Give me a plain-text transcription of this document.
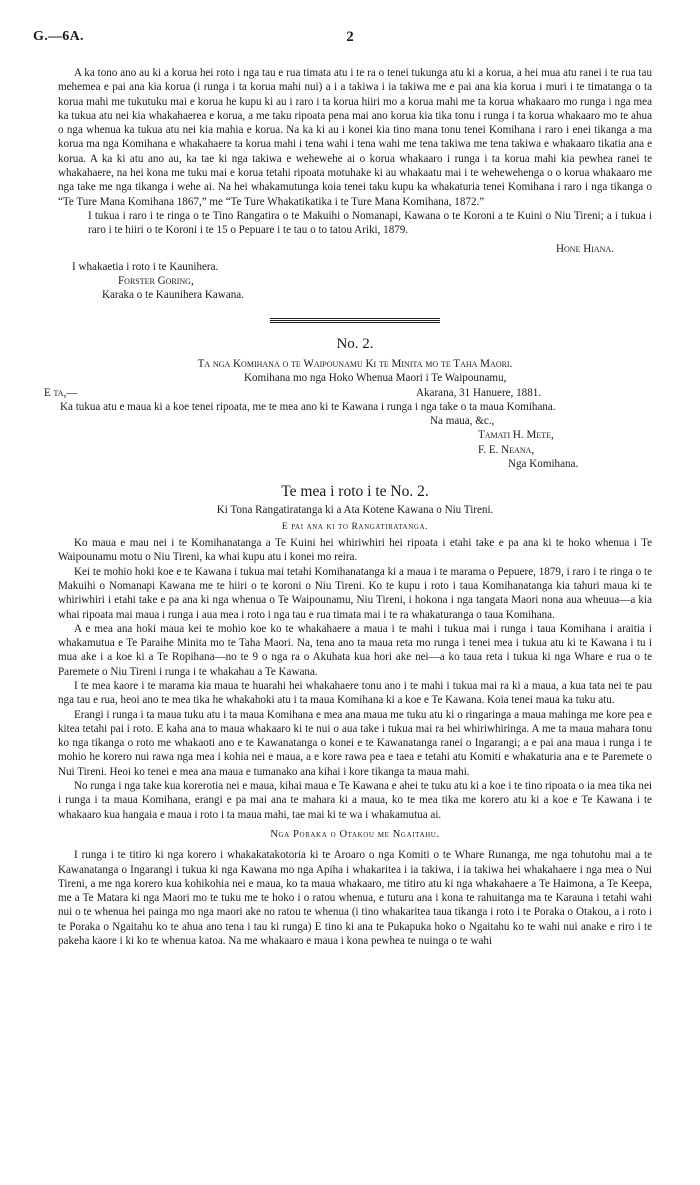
G.—6A.	2

A ka tono ano au ki a korua hei roto i nga tau e rua timata atu i te ra o tenei tukunga atu ki a korua, a hei mua atu ranei i te rua tau mehemea e pai ana kia korua (i runga i ta korua mahi nui) a i a takiwa i ia takiwa me e pai ana kia korua i muri i te timatanga o ta korua mahi me tukutuku mai e korua he kupu ki au i raro i ta korua hiiri mo a korua mahi me ta korua whakaaro mo runga i nga mea ka tukua atu nei kia whakahaerea e korua, a me taku ripoata pena mai ano korua kia tika tonu i runga i ta korua whakaaro mo te ahua o nga whenua ka tukua atu nei kia mahia e korua. Na ka ki au i konei kia tino mana tonu tenei Komihana i raro i enei tikanga a ma korua ma nga Komihana e whakahaere ta korua mahi i tena wahi i tena wahi me tena takiwa me tena takiwa e whakaaro tikatia ana e korua. A ka ki atu ano au, ka tae ki nga takiwa e wehewehe ai o korua whakaaro i runga i ta korua mahi kia pewhea ranei te whakahaere, na hei kona me tuku mai e korua tetahi ripoata motuhake ki au whakaatu mai i te wehewehenga o o korua whakaaro me nga take me nga tikanga i wehe ai. Na hei whakamutunga koia tenei taku kupu ka whakaturia tenei Komihana i raro i nga tikanga o “Te Ture Mana Komihana 1867,” me “Te Ture Whakatikatika i te Ture Mana Komihana, 1872.”

I tukua i raro i te ringa o te Tino Rangatira o te Makuihi o Nomanapi, Kawana o te Koroni a te Kuini o Niu Tireni; a i tukua i raro i te hiiri o te Koroni i te 15 o Pepuare i te tau o to tatou Ariki, 1879.

Hone Hiana.

I whakaetia i roto i te Kaunihera.

Forster Goring,

Karaka o te Kaunihera Kawana.

No. 2.

Ta nga Komihana o te Waipounamu Ki te Minita mo te Taha Maori.

Komihana mo nga Hoko Whenua Maori i Te Waipounamu,

E ta,—	Akarana, 31 Hanuere, 1881.

Ka tukua atu e maua ki a koe tenei ripoata, me te mea ano ki te Kawana i runga i nga take o ta maua Komihana.

Na maua, &c.,

Tamati H. Mete,

F. E. Neana,

Nga Komihana.

Te mea i roto i te No. 2.

Ki Tona Rangatiratanga ki a Ata Kotene Kawana o Niu Tireni.

E pai ana ki to Rangatiratanga.

Ko maua e mau nei i te Komihanatanga a Te Kuini hei whiriwhiri hei ripoata i etahi take e pa ana ki te hoko whenua i Te Waipounamu motu o Niu Tireni, ka whai kupu atu i konei mo reira.

Kei te mohio hoki koe e te Kawana i tukua mai tetahi Komihanatanga ki a maua i te marama o Pepuere, 1879, i raro i te ringa o te Makuihi o Nomanapi Kawana me te hiiri o te koroni o Niu Tireni. Ko te kupu i roto i taua Komihanatanga kia tahuri maua ki te whiriwhiri i etahi take e pa ana ki nga whenua o Te Waipounamu, Niu Tireni, i hokona i nga tangata Maori nona aua wheuua—a kia whai ripoata mai maua i runga i aua mea i roto i nga tau e rua timata mai i te ra whakaturanga o taua Komihana.

A e mea ana hoki maua kei te mohio koe ko te whakahaere a maua i te mahi i tukua mai i runga i taua Komihana i araitia i whakamutua e Te Paraihe Minita mo te Taha Maori. Na, tena ano ta maua reta mo runga i tenei mea i tukua atu ki te Kawana i tu i mua ake i a koe ki a Te Ropihana—no te 9 o nga ra o Akuhata kua hori ake nei—a ko taua reta i tukua ki nga Whare e rua o te Paremete o Niu Tireni i runga i te whakahau a Te Kawana.

I te mea kaore i te marama kia maua te huarahi hei whakahaere tonu ano i te mahi i tukua mai ra ki a maua, a kua tata nei te pau nga tau e rua, heoi ano te mea tika he whakahoki atu i ta maua Komihana ki a koe e Te Kawana. Koia tenei maua ka tuku atu.

Erangi i runga i ta maua tuku atu i ta maua Komihana e mea ana maua me tuku atu ki o ringaringa a maua mahinga me kore pea e kitea tetahi pai i roto. E kaha ana to maua whakaaro ki te nui o aua take i tukua mai ra hei whiriwhiringa. A me ta maua mahara tonu ko nga tikanga o roto me whakaoti ano e te Kawanatanga o konei e te Kawanatanga ranei o Ingarangi; a e pai ana maua i runga i te mohio he korero nui rawa nga mea i kohia nei e maua, a e kore rawa pea e taea e tetahi atu Komiti e whakaturia ana e te Paremete o Nui Tireni. Heoi ko tenei e mea ana maua e tumanako ana kihai i kore tikanga ta maua mahi.

No runga i nga take kua korerotia nei e maua, kihai maua e Te Kawana e ahei te tuku atu ki a koe i te tino ripoata o ia mea tika nei i runga i ta maua Komihana, erangi e pa mai ana te mahara ki a maua, ko te mea tika me korero atu ki a koe e Te Kawana i te whakaaro kua hangaia e maua i roto i ta maua mahi, tae mai ki te wa i whakamutua ai.

Nga Poraka o Otakou me Ngaitahu.

I runga i te titiro ki nga korero i whakakatakotoria ki te Aroaro o nga Komiti o te Whare Runanga, me nga tohutohu mai a te Kawanatanga o Ingarangi i tukua ki nga Kawana mo nga Apiha i whakaritea i ia takiwa, i ia takiwa hei whakahaere i nga mea o Nui Tireni, a me nga korero kua kohikohia nei e maua, ko ta maua whakaaro, me titiro atu ki nga whakahaere a Te Haimona, a Te Keepa, me a Te Matara ki nga Maori mo te tuku me te hoko i o ratou whenua, e tuturu ana i kona te rahuitanga ma te Karauna i tetahi wahi nui o te whenua hei painga mo nga maori ake no ratou te whenua (i tino whakaritea taua tikanga i roto i te Poraka o Otakou, a i roto i te Poraka o Ngaitahu ko te ahua ano tena i tau ki runga) E tino ki ana te Pukapuka hoko o Ngaitahu ko te wahi nui anake e riro i te pakeha kaore i ki ko te whenua katoa. Na me whakaaro e maua i kona pewhea te nuinga o te wahi
